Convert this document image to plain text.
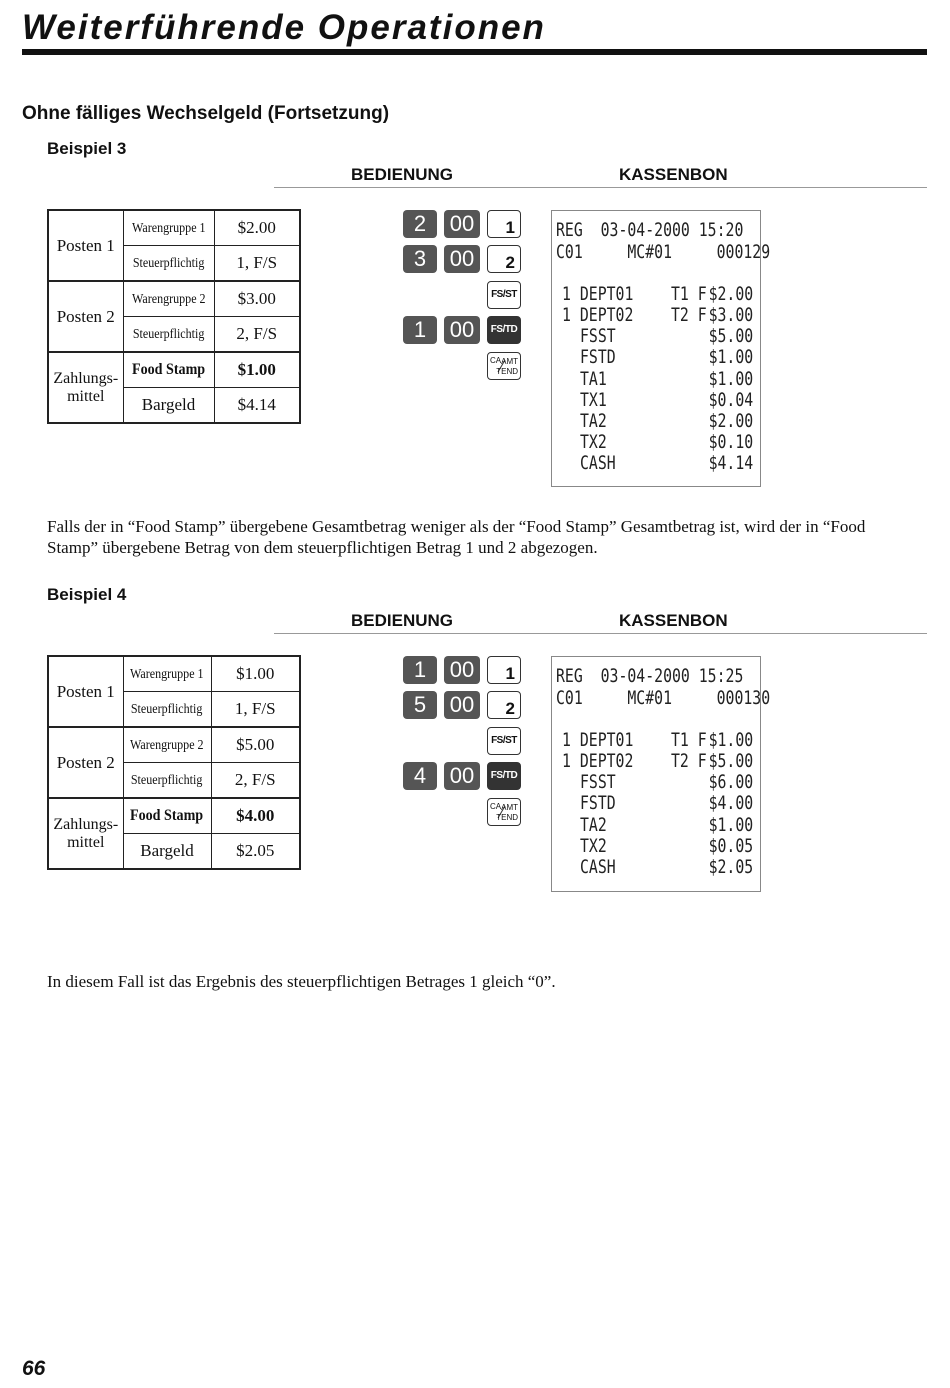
Weiterführende Operationen
Ohne fälliges Wechselgeld (Fortsetzung)
Beispiel 3
BEDIENUNG	KASSENBON
Posten 1	Warengruppe 1	$2.00
	Steuerpflichtig	1, F/S
Posten 2	Warengruppe 2	$3.00
	Steuerpflichtig	2, F/S
Zahlungs-
mittel	Food Stamp	$1.00
	Bargeld	$4.14
2	00	1
3	00	2
FS/ST
1	00	FS/TD
CA AMT
TEND
REG  03-04-2000 15:20
C01     MC#01     000129
1 DEPT01 T1 F $2.00
1 DEPT02 T2 F $3.00
FSST	$5.00
FSTD	$1.00
TA1	$1.00
TX1	$0.04
TA2	$2.00
TX2	$0.10
CASH	$4.14
Falls der in “Food Stamp” übergebene Gesamtbetrag weniger als der “Food Stamp” Gesamtbetrag ist, wird der in “Food Stamp” übergebene Betrag von dem steuerpflichtigen Betrag 1 und 2 abgezogen.
Beispiel 4
BEDIENUNG	KASSENBON
Posten 1	Warengruppe 1	$1.00
	Steuerpflichtig	1, F/S
Posten 2	Warengruppe 2	$5.00
	Steuerpflichtig	2, F/S
Zahlungs-
mittel	Food Stamp	$4.00
	Bargeld	$2.05
1	00	1
5	00	2
FS/ST
4	00	FS/TD
CA AMT
TEND
REG  03-04-2000 15:25
C01     MC#01     000130
1 DEPT01 T1 F $1.00
1 DEPT02 T2 F $5.00
FSST	$6.00
FSTD	$4.00
TA2	$1.00
TX2	$0.05
CASH	$2.05
In diesem Fall ist das Ergebnis des steuerpflichtigen Betrages 1 gleich “0”.
66
